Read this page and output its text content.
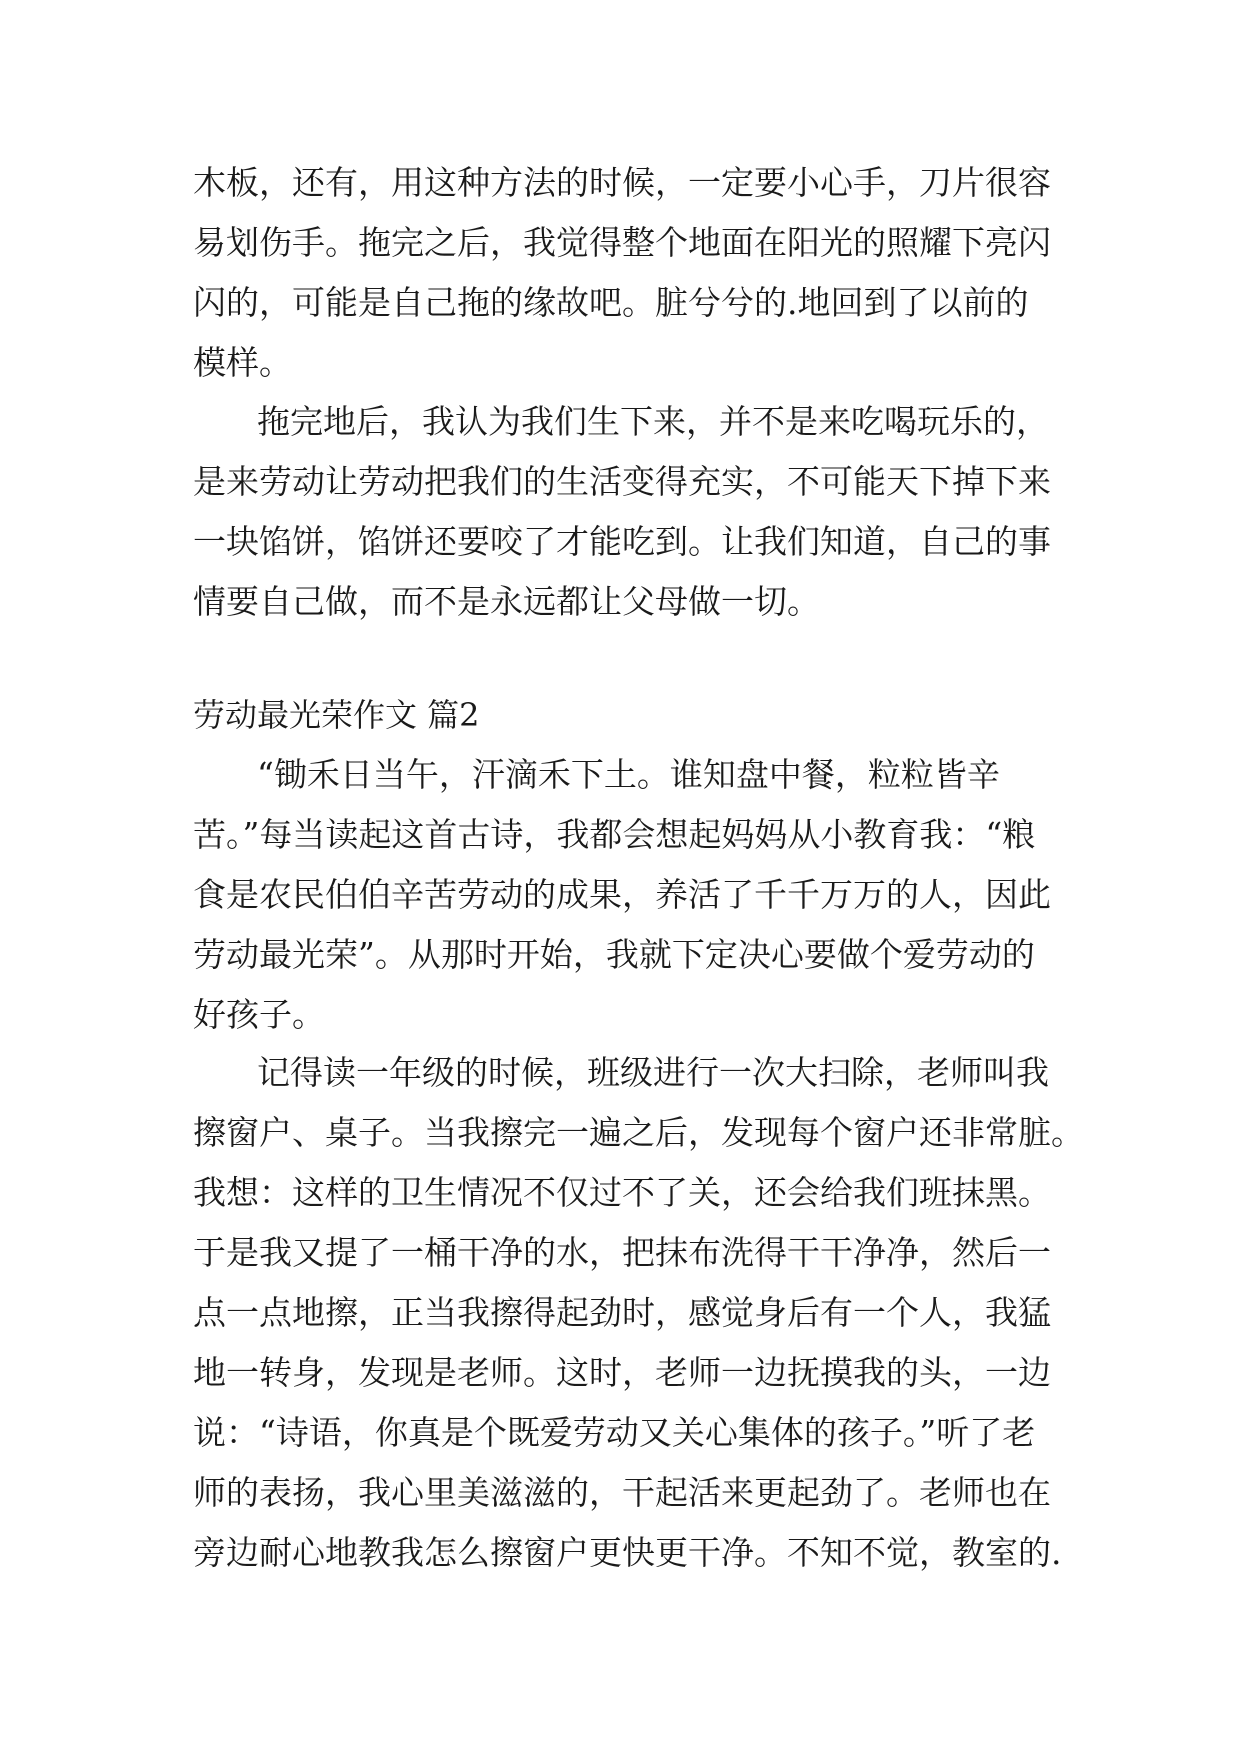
木板，还有，用这种方法的时候，一定要小心手，刀片很容
易划伤手。拖完之后，我觉得整个地面在阳光的照耀下亮闪
闪的，可能是自己拖的缘故吧。脏兮兮的.地回到了以前的
模样。
拖完地后，我认为我们生下来，并不是来吃喝玩乐的，
是来劳动让劳动把我们的生活变得充实，不可能天下掉下来
一块馅饼，馅饼还要咬了才能吃到。让我们知道，自己的事
情要自己做，而不是永远都让父母做一切。
劳动最光荣作文 篇2
“锄禾日当午，汗滴禾下土。谁知盘中餐，粒粒皆辛
苦。”每当读起这首古诗，我都会想起妈妈从小教育我：“粮
食是农民伯伯辛苦劳动的成果，养活了千千万万的人，因此
劳动最光荣”。从那时开始，我就下定决心要做个爱劳动的
好孩子。
记得读一年级的时候，班级进行一次大扫除，老师叫我
擦窗户、桌子。当我擦完一遍之后，发现每个窗户还非常脏。
我想：这样的卫生情况不仅过不了关，还会给我们班抹黑。
于是我又提了一桶干净的水，把抹布洗得干干净净，然后一
点一点地擦，正当我擦得起劲时，感觉身后有一个人，我猛
地一转身，发现是老师。这时，老师一边抚摸我的头，一边
说：“诗语，你真是个既爱劳动又关心集体的孩子。”听了老
师的表扬，我心里美滋滋的，干起活来更起劲了。老师也在
旁边耐心地教我怎么擦窗户更快更干净。不知不觉，教室的.
